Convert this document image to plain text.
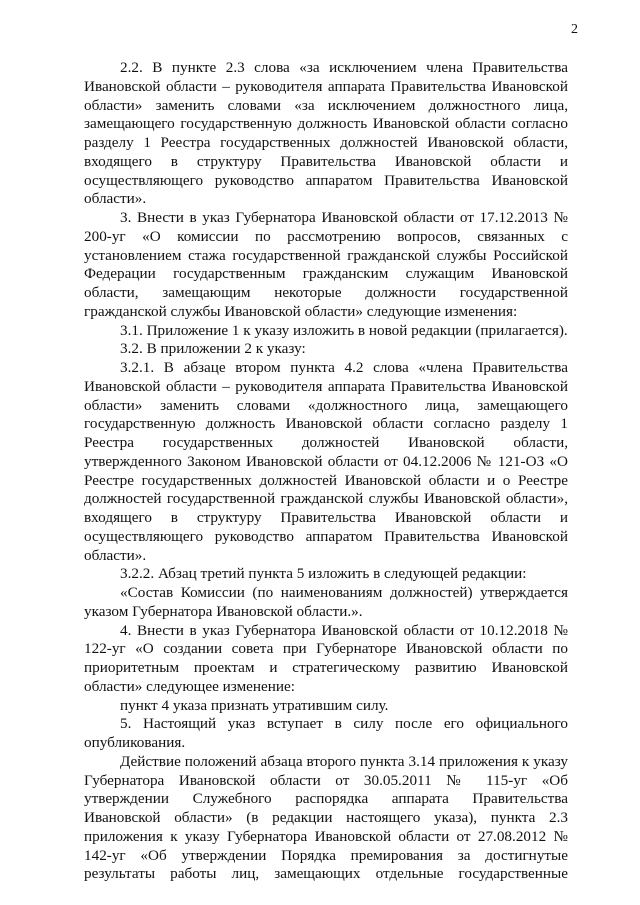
2

2.2. В пункте 2.3 слова «за исключением члена Правительства Ивановской области – руководителя аппарата Правительства Ивановской области» заменить словами «за исключением должностного лица, замещающего государственную должность Ивановской области согласно разделу 1 Реестра государственных должностей Ивановской области, входящего в структуру Правительства Ивановской области и осуществляющего руководство аппаратом Правительства Ивановской области».

3. Внести в указ Губернатора Ивановской области от 17.12.2013 № 200-уг «О комиссии по рассмотрению вопросов, связанных с установлением стажа государственной гражданской службы Российской Федерации государственным гражданским служащим Ивановской области, замещающим некоторые должности государственной гражданской службы Ивановской области» следующие изменения:

3.1. Приложение 1 к указу изложить в новой редакции (прилагается).

3.2. В приложении 2 к указу:

3.2.1. В абзаце втором пункта 4.2 слова «члена Правительства Ивановской области – руководителя аппарата Правительства Ивановской области» заменить словами «должностного лица, замещающего государственную должность Ивановской области согласно разделу 1 Реестра государственных должностей Ивановской области, утвержденного Законом Ивановской области от 04.12.2006 № 121-ОЗ «О Реестре государственных должностей Ивановской области и о Реестре должностей государственной гражданской службы Ивановской области», входящего в структуру Правительства Ивановской области и осуществляющего руководство аппаратом Правительства Ивановской области».

3.2.2. Абзац третий пункта 5 изложить в следующей редакции:

«Состав Комиссии (по наименованиям должностей) утверждается указом Губернатора Ивановской области.».

4. Внести в указ Губернатора Ивановской области от 10.12.2018 № 122-уг «О создании совета при Губернаторе Ивановской области по приоритетным проектам и стратегическому развитию Ивановской области» следующее изменение:

пункт 4 указа признать утратившим силу.

5. Настоящий указ вступает в силу после его официального опубликования.

Действие положений абзаца второго пункта 3.14 приложения к указу Губернатора Ивановской области от 30.05.2011 № 115-уг «Об утверждении Служебного распорядка аппарата Правительства Ивановской области» (в редакции настоящего указа), пункта 2.3 приложения к указу Губернатора Ивановской области от 27.08.2012 № 142-уг «Об утверждении Порядка премирования за достигнутые результаты работы лиц, замещающих отдельные государственные
